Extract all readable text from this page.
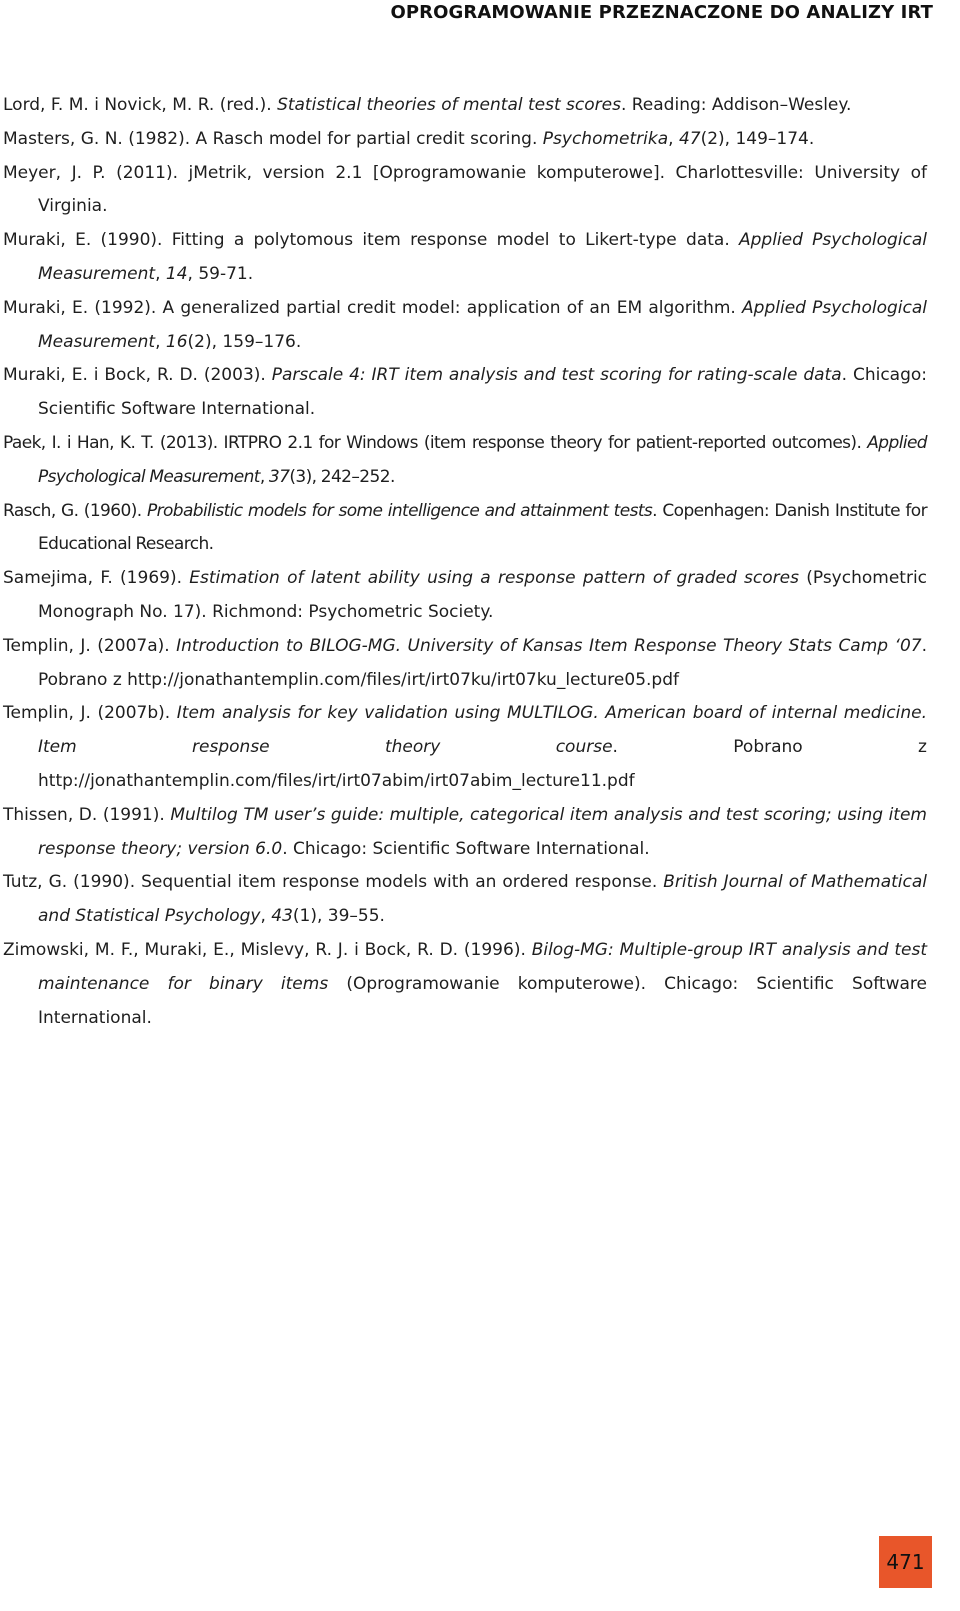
OPROGRAMOWANIE PRZEZNACZONE DO ANALIZY IRT

Lord, F. M. i Novick, M. R. (red.). Statistical theories of mental test scores. Reading: Addison–Wesley.

Masters, G. N. (1982). A Rasch model for partial credit scoring. Psychometrika, 47(2), 149–174.

Meyer, J. P. (2011). jMetrik, version 2.1 [Oprogramowanie komputerowe]. Charlottesville: University of Virginia.

Muraki, E. (1990). Fitting a polytomous item response model to Likert-type data. Applied Psychological Measurement, 14, 59-71.

Muraki, E. (1992). A generalized partial credit model: application of an EM algorithm. Applied Psychological Measurement, 16(2), 159–176.

Muraki, E. i Bock, R. D. (2003). Parscale 4: IRT item analysis and test scoring for rating-scale data. Chicago: Scientific Software International.

Paek, I. i Han, K. T. (2013). IRTPRO 2.1 for Windows (item response theory for patient-reported outcomes). Applied Psychological Measurement, 37(3), 242–252.

Rasch, G. (1960). Probabilistic models for some intelligence and attainment tests. Copenhagen: Danish Institute for Educational Research.

Samejima, F. (1969). Estimation of latent ability using a response pattern of graded scores (Psychometric Monograph No. 17). Richmond: Psychometric Society.

Templin, J. (2007a). Introduction to BILOG-MG. University of Kansas Item Response Theory Stats Camp ‘07. Pobrano z http://jonathantemplin.com/files/irt/irt07ku/irt07ku_lecture05.pdf

Templin, J. (2007b). Item analysis for key validation using MULTILOG. American board of internal medicine. Item response theory course. Pobrano z http://jonathantemplin.com/files/irt/irt07abim/irt07abim_lecture11.pdf

Thissen, D. (1991). Multilog TM user’s guide: multiple, categorical item analysis and test scoring; using item response theory; version 6.0. Chicago: Scientific Software International.

Tutz, G. (1990). Sequential item response models with an ordered response. British Journal of Mathematical and Statistical Psychology, 43(1), 39–55.

Zimowski, M. F., Muraki, E., Mislevy, R. J. i Bock, R. D. (1996). Bilog-MG: Multiple-group IRT analysis and test maintenance for binary items (Oprogramowanie komputerowe). Chicago: Scientific Software International.

471
